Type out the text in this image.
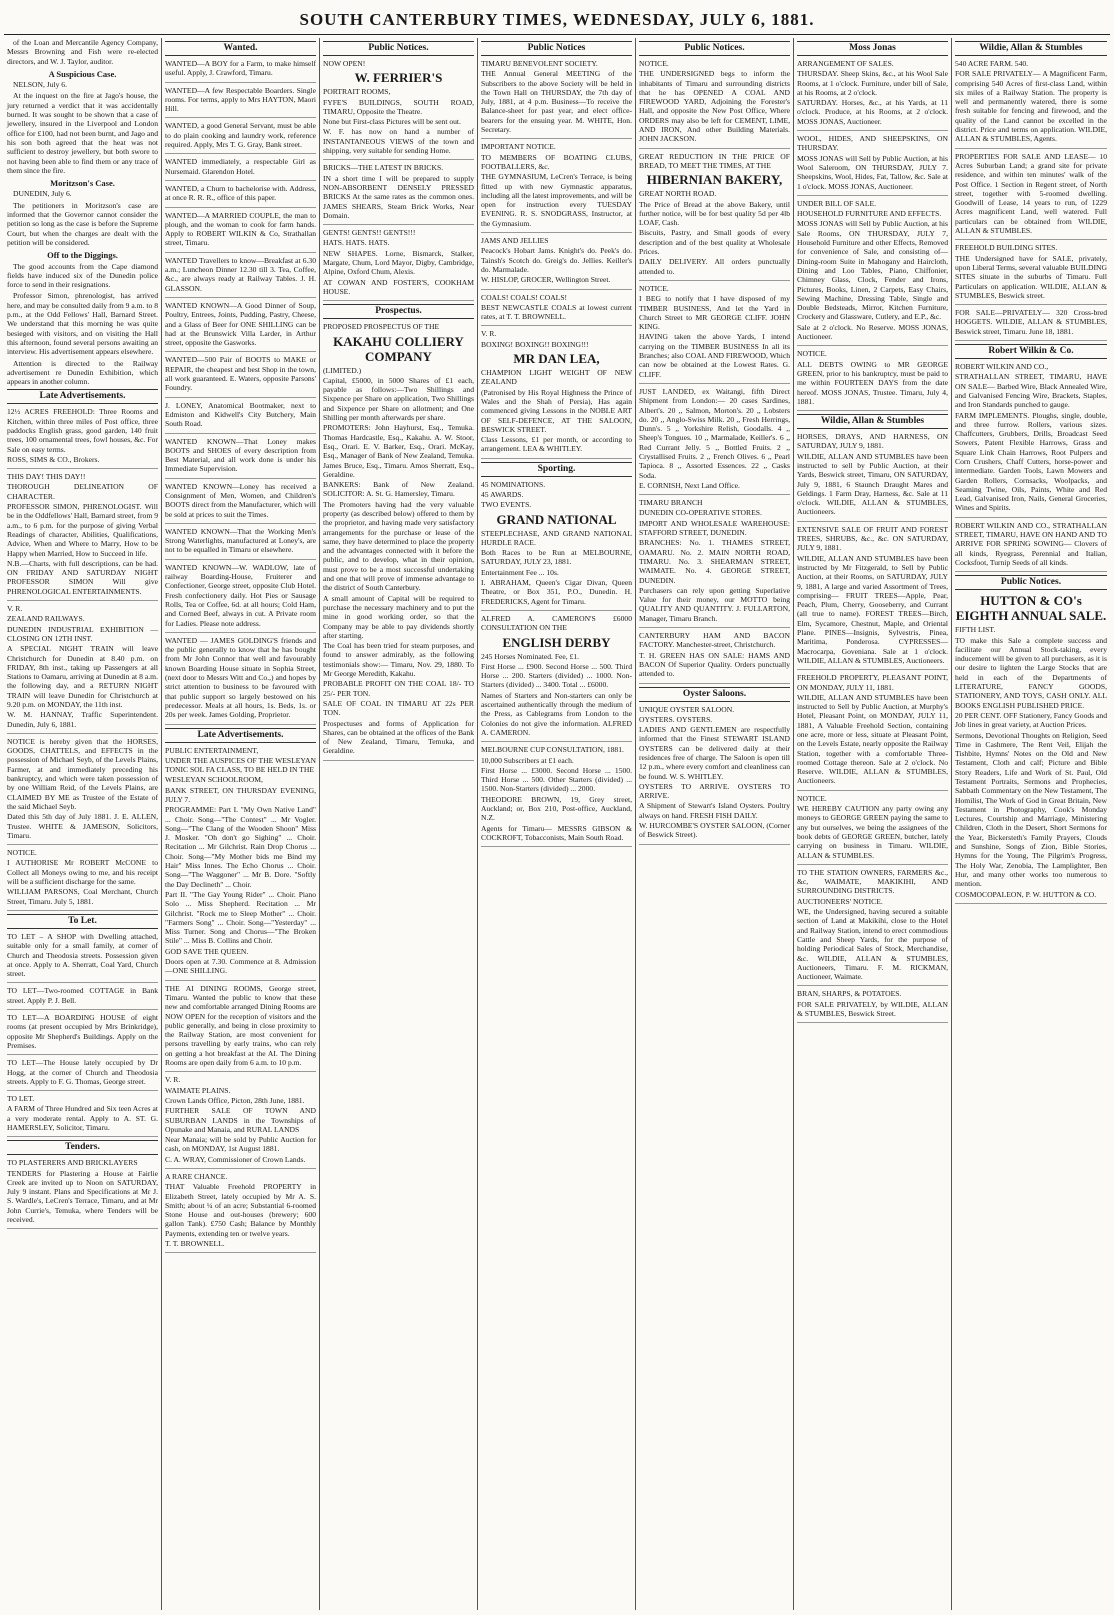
SOUTH CANTERBURY TIMES, WEDNESDAY, JULY 6, 1881.

of the Loan and Mercantile Agency Company, Messrs Browning and Fish were re-elected directors, and W. J. Taylor, auditor.

A Suspicious Case.

NELSON, July 6.

At the inquest on the fire at Jago's house, the jury returned a verdict that it was accidentally burned. It was sought to be shown that a case of jewellery, insured in the Liverpool and London office for £100, had not been burnt, and Jago and his son both agreed that the heat was not sufficient to destroy jewellery, but both swore to not having been able to find them or any trace of them since the fire.

Moritzson's Case.

DUNEDIN, July 6.

The petitioners in Moritzson's case are informed that the Governor cannot consider the petition so long as the case is before the Supreme Court, but when the charges are dealt with the petition will be considered.

Off to the Diggings.

The good accounts from the Cape diamond fields have induced six of the Dunedin police force to send in their resignations.

Professor Simon, phrenologist, has arrived here, and may be consulted daily from 9 a.m. to 8 p.m., at the Odd Fellows' Hall, Barnard Street. We understand that this morning he was quite besieged with visitors, and on visiting the Hall this afternoon, found several persons awaiting an interview. His advertisement appears elsewhere.

Attention is directed to the Railway advertisement re Dunedin Exhibition, which appears in another column.

Late Advertisements.

12½ ACRES FREEHOLD: Three Rooms and Kitchen, within three miles of Post office, three paddocks English grass, good garden, 140 fruit trees, 100 ornamental trees, fowl houses, &c. For Sale on easy terms.

ROSS, SIMS & CO., Brokers.

THIS DAY! THIS DAY!!

THOROUGH DELINEATION OF CHARACTER.

PROFESSOR SIMON, PHRENOLOGIST. Will be in the Oddfellows' Hall, Barnard street, from 9 a.m., to 6 p.m. for the purpose of giving Verbal Readings of character, Abilities, Qualifications, Advice, When and Where to Marry, How to be Happy when Married, How to Succeed in life.

N.B.—Charts, with full descriptions, can be had. ON FRIDAY AND SATURDAY NIGHT PROFESSOR SIMON Will give PHRENOLOGICAL ENTERTAINMENTS.

V. R.

ZEALAND RAILWAYS.

DUNEDIN INDUSTRIAL EXHIBITION —CLOSING ON 12TH INST.

A SPECIAL NIGHT TRAIN will leave Christchurch for Dunedin at 8.40 p.m. on FRIDAY, 8th inst., taking up Passengers at all Stations to Oamaru, arriving at Dunedin at 8 a.m. the following day, and a RETURN NIGHT TRAIN will leave Dunedin for Christchurch at 9.20 p.m. on MONDAY, the 11th inst.

W. M. HANNAY, Traffic Superintendent. Dunedin, July 6, 1881.

NOTICE is hereby given that the HORSES, GOODS, CHATTELS, and EFFECTS in the possession of Michael Seyb, of the Levels Plains, Farmer, at and immediately preceding his bankruptcy, and which were taken possession of by one William Reid, of the Levels Plains, are CLAIMED BY ME as Trustee of the Estate of the said Michael Seyb.

Dated this 5th day of July 1881. J. E. ALLEN, Trustee. WHITE & JAMESON, Solicitors, Timaru.

NOTICE.

I AUTHORISE Mr ROBERT McCONE to Collect all Moneys owing to me, and his receipt will be a sufficient discharge for the same.

WILLIAM PARSONS, Coal Merchant, Church Street, Timaru. July 5, 1881.

To Let.

TO LET – A SHOP with Dwelling attached, suitable only for a small family, at corner of Church and Theodosia streets. Possession given at once. Apply to A. Sherratt, Coal Yard, Church street.

TO LET—Two-roomed COTTAGE in Bank street. Apply P. J. Bell.

TO LET—A BOARDING HOUSE of eight rooms (at present occupied by Mrs Brinkridge), opposite Mr Shepherd's Buildings. Apply on the Premises.

TO LET—The House lately occupied by Dr Hogg, at the corner of Church and Theodosia streets. Apply to F. G. Thomas, George street.

TO LET.

A FARM of Three Hundred and Six teen Acres at a very moderate rental. Apply to A. ST. G. HAMERSLEY, Solicitor, Timaru.

Tenders.

TO PLASTERERS AND BRICKLAYERS

TENDERS for Plastering a House at Fairlie Creek are invited up to Noon on SATURDAY, July 9 instant. Plans and Specifications at Mr J. S. Wardle's, LeCren's Terrace, Timaru, and at Mr John Currie's, Temuka, where Tenders will be received.

Wanted.

WANTED—A BOY for a Farm, to make himself useful. Apply, J. Crawford, Timaru.

WANTED—A few Respectable Boarders. Single rooms. For terms, apply to Mrs HAYTON, Maori Hill.

WANTED, a good General Servant, must be able to do plain cooking and laundry work, reference required. Apply, Mrs T. G. Gray, Bank street.

WANTED immediately, a respectable Girl as Nursemaid. Glarendon Hotel.

WANTED, a Churn to bachelorise with. Address, at once R. R. R., office of this paper.

WANTED—A MARRIED COUPLE, the man to plough, and the woman to cook for farm hands. Apply to ROBERT WILKIN & Co, Strathallan street, Timaru.

WANTED Travellers to know—Breakfast at 6.30 a.m.; Luncheon Dinner 12.30 till 3. Tea, Coffee, &c., are always ready at Railway Tables. J. H. GLASSON.

WANTED KNOWN—A Good Dinner of Soup, Poultry, Entrees, Joints, Pudding, Pastry, Cheese, and a Glass of Beer for ONE SHILLING can be had at the Brunswick Villa Larder, in Arthur street, opposite the Gasworks.

WANTED—500 Pair of BOOTS to MAKE or REPAIR, the cheapest and best Shop in the town, all work guaranteed. E. Waters, opposite Parsons' Foundry.

J. LONEY, Anatomical Bootmaker, next to Edmiston and Kidwell's City Butchery, Main South Road.

WANTED KNOWN—That Loney makes BOOTS and SHOES of every description from Best Material, and all work done is under his Immediate Supervision.

WANTED KNOWN—Loney has received a Consignment of Men, Women, and Children's BOOTS direct from the Manufacturer, which will be sold at prices to suit the Times.

WANTED KNOWN—That the Working Men's Strong Waterlights, manufactured at Loney's, are not to be equalled in Timaru or elsewhere.

WANTED KNOWN—W. WADLOW, late of railway Boarding-House, Fruiterer and Confectioner, George street, opposite Club Hotel. Fresh confectionery daily. Hot Pies or Sausage Rolls, Tea or Coffee, 6d. at all hours; Cold Ham, and Corned Beef, always in cut. A Private room for Ladies. Please note address.

WANTED — JAMES GOLDING'S friends and the public generally to know that he has bought from Mr John Connor that well and favourably known Boarding House situate in Sophia Street, (next door to Messrs Witt and Co.,) and hopes by strict attention to business to be favoured with that public support so largely bestowed on his predecessor. Meals at all hours, 1s. Beds, 1s. or 20s per week. James Golding, Proprietor.

Late Advertisements.

PUBLIC ENTERTAINMENT,

UNDER THE AUSPICES OF THE WESLEYAN TONIC SOL FA CLASS, TO BE HELD IN THE

WESLEYAN SCHOOLROOM,

BANK STREET, ON THURSDAY EVENING, JULY 7.

PROGRAMME: Part I. "My Own Native Land" ... Choir. Song—"The Contest" ... Mr Vogler. Song—"The Clang of the Wooden Shoon" Miss J. Mosker. "Oh don't go Sighing" ... Choir. Recitation ... Mr Gilchrist. Rain Drop Chorus ... Choir. Song—"My Mother bids me Bind my Hair" Miss Innes. The Echo Chorus ... Choir. Song—"The Waggoner" ... Mr B. Dore. "Softly the Day Declineth" ... Choir.

Part II. "The Gay Young Rider" ... Choir. Piano Solo ... Miss Shepherd. Recitation ... Mr Gilchrist. "Rock me to Sleep Mother" ... Choir. "Farmers Song" ... Choir. Song—"Yesterday" ... Miss Turner. Song and Chorus—"The Broken Stile" ... Miss B. Collins and Choir.

GOD SAVE THE QUEEN.

Doors open at 7.30. Commence at 8. Admission—ONE SHILLING.

THE AI DINING ROOMS, George street, Timaru. Wanted the public to know that these new and comfortable arranged Dining Rooms are NOW OPEN for the reception of visitors and the public generally, and being in close proximity to the Railway Station, are most convenient for persons travelling by early trains, who can rely on getting a hot breakfast at the AI. The Dining Rooms are open daily from 6 a.m. to 10 p.m.

V. R.

WAIMATE PLAINS.

Crown Lands Office, Picton, 28th June, 1881.

FURTHER SALE OF TOWN AND SUBURBAN LANDS in the Townships of Opunake and Manaia, and RURAL LANDS

Near Manaia; will be sold by Public Auction for cash, on MONDAY, 1st August 1881.

C. A. WRAY, Commissioner of Crown Lands.

A RARE CHANCE.

THAT Valuable Freehold PROPERTY in Elizabeth Street, lately occupied by Mr A. S. Smith; about ¼ of an acre; Substantial 6-roomed Stone House and out-houses (brewery; 600 gallon Tank). £750 Cash; Balance by Monthly Payments, extending ten or twelve years.

T. T. BROWNELL.

Public Notices.

NOW OPEN!

W. FERRIER'S

PORTRAIT ROOMS,

FYFE'S BUILDINGS, SOUTH ROAD, TIMARU, Opposite the Theatre.

None but First-class Pictures will be sent out.

W. F. has now on hand a number of INSTANTANEOUS VIEWS of the town and shipping, very suitable for sending Home.

BRICKS—THE LATEST IN BRICKS.

IN a short time I will be prepared to supply NON-ABSORBENT DENSELY PRESSED BRICKS At the same rates as the common ones. JAMES SHEARS, Steam Brick Works, Near Domain.

GENTS! GENTS!! GENTS!!!

HATS. HATS. HATS.

NEW SHAPES. Lorne, Bismarck, Stalker, Margate, Chum, Lord Mayor, Digby, Cambridge, Alpine, Oxford Chum, Alexis.

AT COWAN AND FOSTER'S, COOKHAM HOUSE.

Prospectus.

PROPOSED PROSPECTUS OF THE

KAKAHU COLLIERY COMPANY

(LIMITED.)

Capital, £5000, in 5000 Shares of £1 each, payable as follows:—Two Shillings and Sixpence per Share on application, Two Shillings and Sixpence per Share on allotment; and One Shilling per month afterwards per share.

PROMOTERS: John Hayhurst, Esq., Temuka. Thomas Hardcastle, Esq., Kakahu. A. W. Stoor, Esq., Orari. E. V. Barker, Esq., Orari. McKay, Esq., Manager of Bank of New Zealand, Temuka. James Bruce, Esq., Timaru. Amos Sherratt, Esq., Geraldine.

BANKERS: Bank of New Zealand. SOLICITOR: A. St. G. Hamersley, Timaru.

The Promoters having had the very valuable property (as described below) offered to them by the proprietor, and having made very satisfactory arrangements for the purchase or lease of the same, they have determined to place the property and the advantages connected with it before the public, and to develop, what in their opinion, must prove to be a most successful undertaking and one that will prove of immense advantage to the district of South Canterbury.

A small amount of Capital will be required to purchase the necessary machinery and to put the mine in good working order, so that the Company may be able to pay dividends shortly after starting.

The Coal has been tried for steam purposes, and found to answer admirably, as the following testimonials show:— Timaru, Nov. 29, 1880. To Mr George Meredith, Kakahu.

PROBABLE PROFIT ON THE COAL 18/- TO 25/- PER TON.

SALE OF COAL IN TIMARU AT 22s PER TON.

Prospectuses and forms of Application for Shares, can be obtained at the offices of the Bank of New Zealand, Timaru, Temuka, and Geraldine.

Public Notices

TIMARU BENEVOLENT SOCIETY.

THE Annual General MEETING of the Subscribers to the above Society will be held in the Town Hall on THURSDAY, the 7th day of July, 1881, at 4 p.m. Business—To receive the Balance-sheet for past year, and elect office-bearers for the ensuing year. M. WHITE, Hon. Secretary.

IMPORTANT NOTICE.

TO MEMBERS OF BOATING CLUBS, FOOTBALLERS, &c.

THE GYMNASIUM, LeCren's Terrace, is being fitted up with new Gymnastic apparatus, including all the latest improvements, and will be open for instruction every TUESDAY EVENING. R. S. SNODGRASS, Instructor, at the Gymnasium.

JAMS AND JELLIES

Peacock's Hobart Jams. Knight's do. Peek's do. Tainsh's Scotch do. Greig's do. Jellies. Keiller's do. Marmalade.

W. HISLOP, GROCER, Wellington Street.

COALS! COALS! COALS!

BEST NEWCASTLE COALS at lowest current rates, at T. T. BROWNELL.

V. R.

BOXING! BOXING!! BOXING!!!

MR DAN LEA,

CHAMPION LIGHT WEIGHT OF NEW ZEALAND

(Patronised by His Royal Highness the Prince of Wales and the Shah of Persia), Has again commenced giving Lessons in the NOBLE ART OF SELF-DEFENCE, AT THE SALOON, BESWICK STREET.

Class Lessons, £1 per month, or according to arrangement. LEA & WHITLEY.

Sporting.

45 NOMINATIONS.

45 AWARDS.

TWO EVENTS.

GRAND NATIONAL

STEEPLECHASE, AND GRAND NATIONAL HURDLE RACE.

Both Races to be Run at MELBOURNE, SATURDAY, JULY 23, 1881.

Entertainment Fee ... 10s.

I. ABRAHAM, Queen's Cigar Divan, Queen Theatre, or Box 351, P.O., Dunedin. H. FREDERICKS, Agent for Timaru.

ALFRED A. CAMERON'S £6000 CONSULTATION ON THE

ENGLISH DERBY

245 Horses Nominated. Fee, £1.

First Horse ... £900. Second Horse ... 500. Third Horse ... 200. Starters (divided) ... 1000. Non-Starters (divided) ... 3400. Total ... £6000.

Names of Starters and Non-starters can only be ascertained authentically through the medium of the Press, as Cablegrams from London to the Colonies do not give the information. ALFRED A. CAMERON.

MELBOURNE CUP CONSULTATION, 1881.

10,000 Subscribers at £1 each.

First Horse ... £3000. Second Horse ... 1500. Third Horse ... 500. Other Starters (divided) ... 1500. Non-Starters (divided) ... 2000.

THEODORE BROWN, 19, Grey street, Auckland; or, Box 210, Post-office, Auckland, N.Z.

Agents for Timaru— MESSRS GIBSON & COCKROFT, Tobacconists, Main South Road.

Public Notices.

NOTICE.

THE UNDERSIGNED begs to inform the inhabitants of Timaru and surrounding districts that he has OPENED A COAL AND FIREWOOD YARD, Adjoining the Forester's Hall, and opposite the New Post Office, Where ORDERS may also be left for CEMENT, LIME, AND IRON, And other Building Materials. JOHN JACKSON.

GREAT REDUCTION IN THE PRICE OF BREAD, TO MEET THE TIMES, AT THE

HIBERNIAN BAKERY,

GREAT NORTH ROAD.

The Price of Bread at the above Bakery, until further notice, will be for best quality 5d per 4lb LOAF, Cash.

Biscuits, Pastry, and Small goods of every description and of the best quality at Wholesale Prices.

DAILY DELIVERY. All orders punctually attended to.

NOTICE.

I BEG to notify that I have disposed of my TIMBER BUSINESS, And let the Yard in Church Street to MR GEORGE CLIFF. JOHN KING.

HAVING taken the above Yards, I intend carrying on the TIMBER BUSINESS In all its Branches; also COAL AND FIREWOOD, Which can now be obtained at the Lowest Rates. G. CLIFF.

JUST LANDED, ex Waitangi, fifth Direct Shipment from London:— 20 cases Sardines, Albert's. 20 ,, Salmon, Morton's. 20 ,, Lobsters do. 20 ,, Anglo-Swiss Milk. 20 ,, Fresh Herrings, Dunn's. 5 ,, Yorkshire Relish, Goodalls. 4 ,, Sheep's Tongues. 10 ,, Marmalade, Keiller's. 6 ,, Red Currant Jelly. 5 ,, Bottled Fruits. 2 ,, Crystallised Fruits. 2 ,, French Olives. 6 ,, Pearl Tapioca. 8 ,, Assorted Essences. 22 ,, Casks Soda.

E. CORNISH, Next Land Office.

TIMARU BRANCH

DUNEDIN CO-OPERATIVE STORES.

IMPORT AND WHOLESALE WAREHOUSE: STAFFORD STREET, DUNEDIN.

BRANCHES: No. 1. THAMES STREET, OAMARU. No. 2. MAIN NORTH ROAD, TIMARU. No. 3. SHEARMAN STREET, WAIMATE. No. 4. GEORGE STREET, DUNEDIN.

Purchasers can rely upon getting Superlative Value for their money, our MOTTO being QUALITY AND QUANTITY. J. FULLARTON, Manager, Timaru Branch.

CANTERBURY HAM AND BACON FACTORY. Manchester-street, Christchurch.

T. H. GREEN HAS ON SALE: HAMS AND BACON Of Superior Quality. Orders punctually attended to.

Oyster Saloons.

UNIQUE OYSTER SALOON.

OYSTERS. OYSTERS.

LADIES AND GENTLEMEN are respectfully informed that the Finest STEWART ISLAND OYSTERS can be delivered daily at their residences free of charge. The Saloon is open till 12 p.m., where every comfort and cleanliness can be found. W. S. WHITLEY.

OYSTERS TO ARRIVE. OYSTERS TO ARRIVE.

A Shipment of Stewart's Island Oysters. Poultry always on hand. FRESH FISH DAILY.

W. HURCOMBE'S OYSTER SALOON, (Corner of Beswick Street).

Moss Jonas

ARRANGEMENT OF SALES.

THURSDAY. Sheep Skins, &c., at his Wool Sale Rooms, at 1 o'clock. Furniture, under bill of Sale, at his Rooms, at 2 o'clock.

SATURDAY. Horses, &c., at his Yards, at 11 o'clock. Produce, at his Rooms, at 2 o'clock. MOSS JONAS, Auctioneer.

WOOL, HIDES, AND SHEEPSKINS, ON THURSDAY.

MOSS JONAS will Sell by Public Auction, at his Wool Saleroom, ON THURSDAY, JULY 7. Sheepskins, Wool, Hides, Fat, Tallow, &c. Sale at 1 o'clock. MOSS JONAS, Auctioneer.

UNDER BILL OF SALE.

HOUSEHOLD FURNITURE AND EFFECTS.

MOSS JONAS will Sell by Public Auction, at his Sale Rooms, ON THURSDAY, JULY 7, Household Furniture and other Effects, Removed for convenience of Sale, and consisting of— Dining-room Suite in Mahogany and Haircloth, Dining and Loo Tables, Piano, Chiffonier, Chimney Glass, Clock, Fender and Irons, Pictures, Books, Linen, 2 Carpets, Easy Chairs, Sewing Machine, Dressing Table, Single and Double Bedsteads, Mirror, Kitchen Furniture, Crockery and Glassware, Cutlery, and E.P., &c.

Sale at 2 o'clock. No Reserve. MOSS JONAS, Auctioneer.

NOTICE.

ALL DEBTS OWING to MR GEORGE GREEN, prior to his bankruptcy, must be paid to me within FOURTEEN DAYS from the date hereof. MOSS JONAS, Trustee. Timaru, July 4, 1881.

Wildie, Allan & Stumbles

HORSES, DRAYS, AND HARNESS, ON SATURDAY, JULY 9, 1881.

WILDIE, ALLAN AND STUMBLES have been instructed to sell by Public Auction, at their Yards, Beswick street, Timaru, ON SATURDAY, July 9, 1881, 6 Staunch Draught Mares and Geldings. 1 Farm Dray, Harness, &c. Sale at 11 o'clock. WILDIE, ALLAN & STUMBLES, Auctioneers.

EXTENSIVE SALE OF FRUIT AND FOREST TREES, SHRUBS, &c., &c. ON SATURDAY, JULY 9, 1881.

WILDIE, ALLAN AND STUMBLES have been instructed by Mr Fitzgerald, to Sell by Public Auction, at their Rooms, on SATURDAY, JULY 9, 1881, A large and varied Assortment of Trees, comprising— FRUIT TREES—Apple, Pear, Peach, Plum, Cherry, Gooseberry, and Currant (all true to name). FOREST TREES—Birch, Elm, Sycamore, Chestnut, Maple, and Oriental Plane. PINES—Insignis, Sylvestris, Pinea, Maritima, Ponderosa. CYPRESSES—Macrocarpa, Goveniana. Sale at 1 o'clock. WILDIE, ALLAN & STUMBLES, Auctioneers.

FREEHOLD PROPERTY, PLEASANT POINT, ON MONDAY, JULY 11, 1881.

WILDIE, ALLAN AND STUMBLES have been instructed to Sell by Public Auction, at Murphy's Hotel, Pleasant Point, on MONDAY, JULY 11, 1881, A Valuable Freehold Section, containing one acre, more or less, situate at Pleasant Point, on the Levels Estate, nearly opposite the Railway Station, together with a comfortable Three-roomed Cottage thereon. Sale at 2 o'clock. No Reserve. WILDIE, ALLAN & STUMBLES, Auctioneers.

NOTICE.

WE HEREBY CAUTION any party owing any moneys to GEORGE GREEN paying the same to any but ourselves, we being the assignees of the book debts of GEORGE GREEN, butcher, lately carrying on business in Timaru. WILDIE, ALLAN & STUMBLES.

TO THE STATION OWNERS, FARMERS &c., &c, WAIMATE, MAKIKIHI, AND SURROUNDING DISTRICTS.

AUCTIONEERS' NOTICE.

WE, the Undersigned, having secured a suitable section of Land at Makikihi, close to the Hotel and Railway Station, intend to erect commodious Cattle and Sheep Yards, for the purpose of holding Periodical Sales of Stock, Merchandise, &c. WILDIE, ALLAN & STUMBLES, Auctioneers, Timaru. F. M. RICKMAN, Auctioneer, Waimate.

BRAN, SHARPS, & POTATOES.

FOR SALE PRIVATELY, by WILDIE, ALLAN & STUMBLES, Beswick Street.

Wildie, Allan & Stumbles

540 ACRE FARM. 540.

FOR SALE PRIVATELY— A Magnificent Farm, comprising 540 Acres of first-class Land, within six miles of a Railway Station. The property is well and permanently watered, there is some fresh suitable for fencing and firewood, and the quality of the Land cannot be excelled in the district. Price and terms on application. WILDIE, ALLAN & STUMBLES, Agents.

PROPERTIES FOR SALE AND LEASE— 10 Acres Suburban Land; a grand site for private residence, and within ten minutes' walk of the Post Office. 1 Section in Regent street, of North street, together with 5-roomed dwelling. Goodwill of Lease, 14 years to run, of 1229 Acres magnificent Land, well watered. Full particulars can be obtained from WILDIE, ALLAN & STUMBLES.

FREEHOLD BUILDING SITES.

THE Undersigned have for SALE, privately, upon Liberal Terms, several valuable BUILDING SITES situate in the suburbs of Timaru. Full Particulars on application. WILDIE, ALLAN & STUMBLES, Beswick street.

FOR SALE—PRIVATELY— 320 Cross-bred HOGGETS. WILDIE, ALLAN & STUMBLES, Beswick street, Timaru. June 18, 1881.

Robert Wilkin & Co.

ROBERT WILKIN AND CO.,

STRATHALLAN STREET, TIMARU, HAVE ON SALE— Barbed Wire, Black Annealed Wire, and Galvanised Fencing Wire, Brackets, Staples, and Iron Standards punched to gauge.

FARM IMPLEMENTS. Ploughs, single, double, and three furrow. Rollers, various sizes. Chaffcutters, Grubbers, Drills, Broadcast Seed Sowers, Patent Flexible Harrows, Grass and Square Link Chain Harrows, Root Pulpers and Corn Crushers, Chaff Cutters, horse-power and intermediate. Garden Tools, Lawn Mowers and Garden Rollers, Cornsacks, Woolpacks, and Seaming Twine, Oils, Paints, White and Red Lead, Galvanised Iron, Nails, General Groceries, Wines and Spirits.

ROBERT WILKIN AND CO., STRATHALLAN STREET, TIMARU, HAVE ON HAND AND TO ARRIVE FOR SPRING SOWING— Clovers of all kinds, Ryegrass, Perennial and Italian, Cocksfoot, Turnip Seeds of all kinds.

Public Notices.
HUTTON & CO's EIGHTH ANNUAL SALE.

FIFTH LIST.

TO make this Sale a complete success and facilitate our Annual Stock-taking, every inducement will be given to all purchasers, as it is our desire to lighten the Large Stocks that are held in each of the Departments of LITERATURE, FANCY GOODS, STATIONERY, AND TOYS, CASH ONLY. ALL BOOKS ENGLISH PUBLISHED PRICE.

20 PER CENT. OFF Stationery, Fancy Goods and Job lines in great variety, at Auction Prices.

Sermons, Devotional Thoughts on Religion, Seed Time in Cashmere, The Rent Veil, Elijah the Tishbite, Hymns' Notes on the Old and New Testament, Cloth and calf; Picture and Bible Story Readers, Life and Work of St. Paul, Old Testament Portraits, Sermons and Prophecies, Sabbath Commentary on the New Testament, The Homilist, The Work of God in Great Britain, New Testament in Photography, Cook's Monday Lectures, Courtship and Marriage, Ministering Children, Cloth in the Desert, Short Sermons for the Year, Bickersteth's Family Prayers, Clouds and Sunshine, Songs of Zion, Bible Stories, Hymns for the Young, The Pilgrim's Progress, The Holy War, Zenobia, The Lamplighter, Ben Hur, and many other works too numerous to mention.

COSMOCOPALEON, P. W. HUTTON & CO.
